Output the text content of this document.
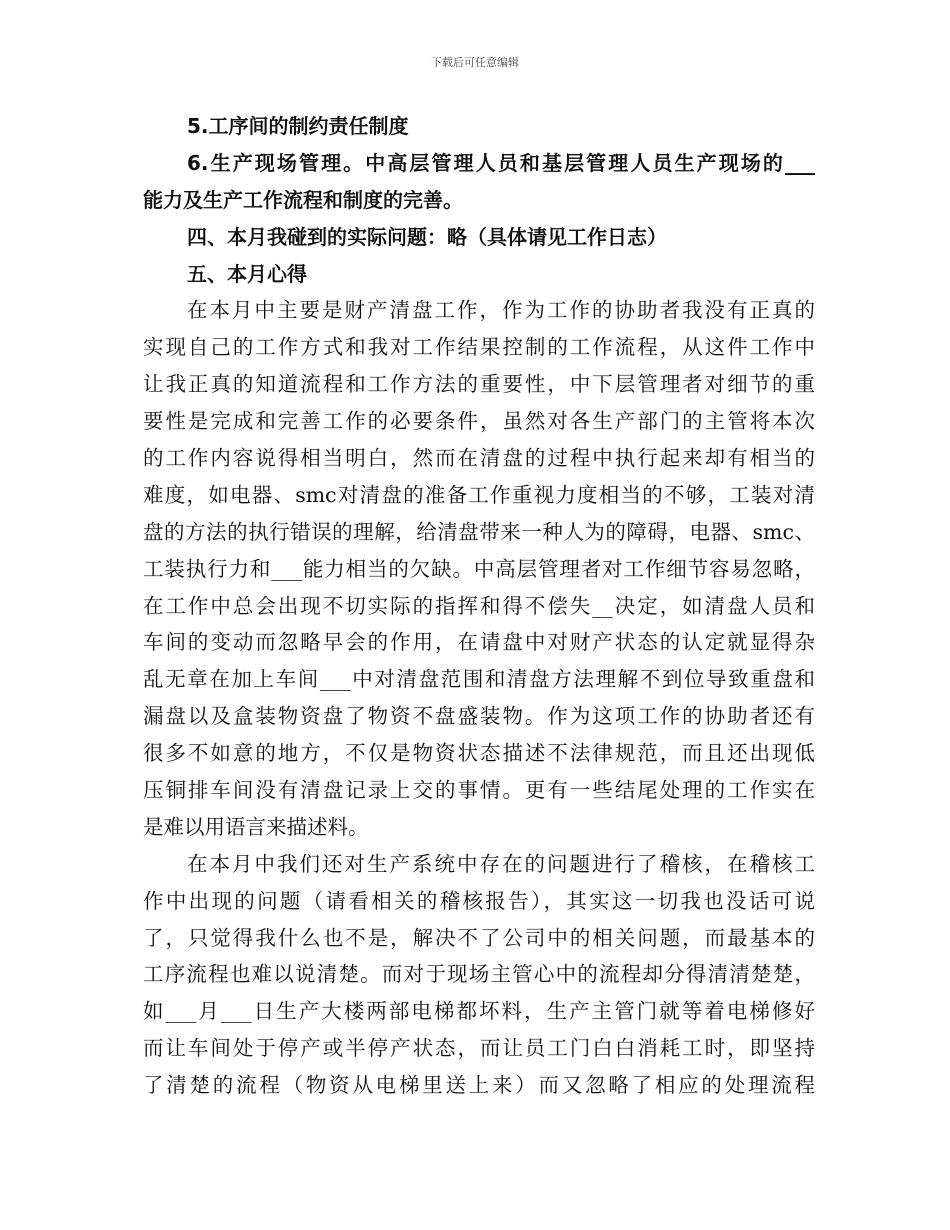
下载后可任意编辑
5.工序间的制约责任制度
6.生产现场管理。中高层管理人员和基层管理人员生产现场的___
能力及生产工作流程和制度的完善。
四、本月我碰到的实际问题：略（具体请见工作日志）
五、本月心得
在本月中主要是财产清盘工作，作为工作的协助者我没有正真的
实现自己的工作方式和我对工作结果控制的工作流程，从这件工作中
让我正真的知道流程和工作方法的重要性，中下层管理者对细节的重
要性是完成和完善工作的必要条件，虽然对各生产部门的主管将本次
的工作内容说得相当明白，然而在清盘的过程中执行起来却有相当的
难度，如电器、smc对清盘的准备工作重视力度相当的不够，工装对清
盘的方法的执行错误的理解，给清盘带来一种人为的障碍，电器、smc、
工装执行力和___能力相当的欠缺。中高层管理者对工作细节容易忽略，
在工作中总会出现不切实际的指挥和得不偿失__决定，如清盘人员和
车间的变动而忽略早会的作用，在请盘中对财产状态的认定就显得杂
乱无章在加上车间___中对清盘范围和清盘方法理解不到位导致重盘和
漏盘以及盒装物资盘了物资不盘盛装物。作为这项工作的协助者还有
很多不如意的地方，不仅是物资状态描述不法律规范，而且还出现低
压铜排车间没有清盘记录上交的事情。更有一些结尾处理的工作实在
是难以用语言来描述料。
在本月中我们还对生产系统中存在的问题进行了稽核，在稽核工
作中出现的问题（请看相关的稽核报告），其实这一切我也没话可说
了，只觉得我什么也不是，解决不了公司中的相关问题，而最基本的
工序流程也难以说清楚。而对于现场主管心中的流程却分得清清楚楚，
如___月___日生产大楼两部电梯都坏料，生产主管门就等着电梯修好
而让车间处于停产或半停产状态，而让员工门白白消耗工时，即坚持
了清楚的流程（物资从电梯里送上来）而又忽略了相应的处理流程
